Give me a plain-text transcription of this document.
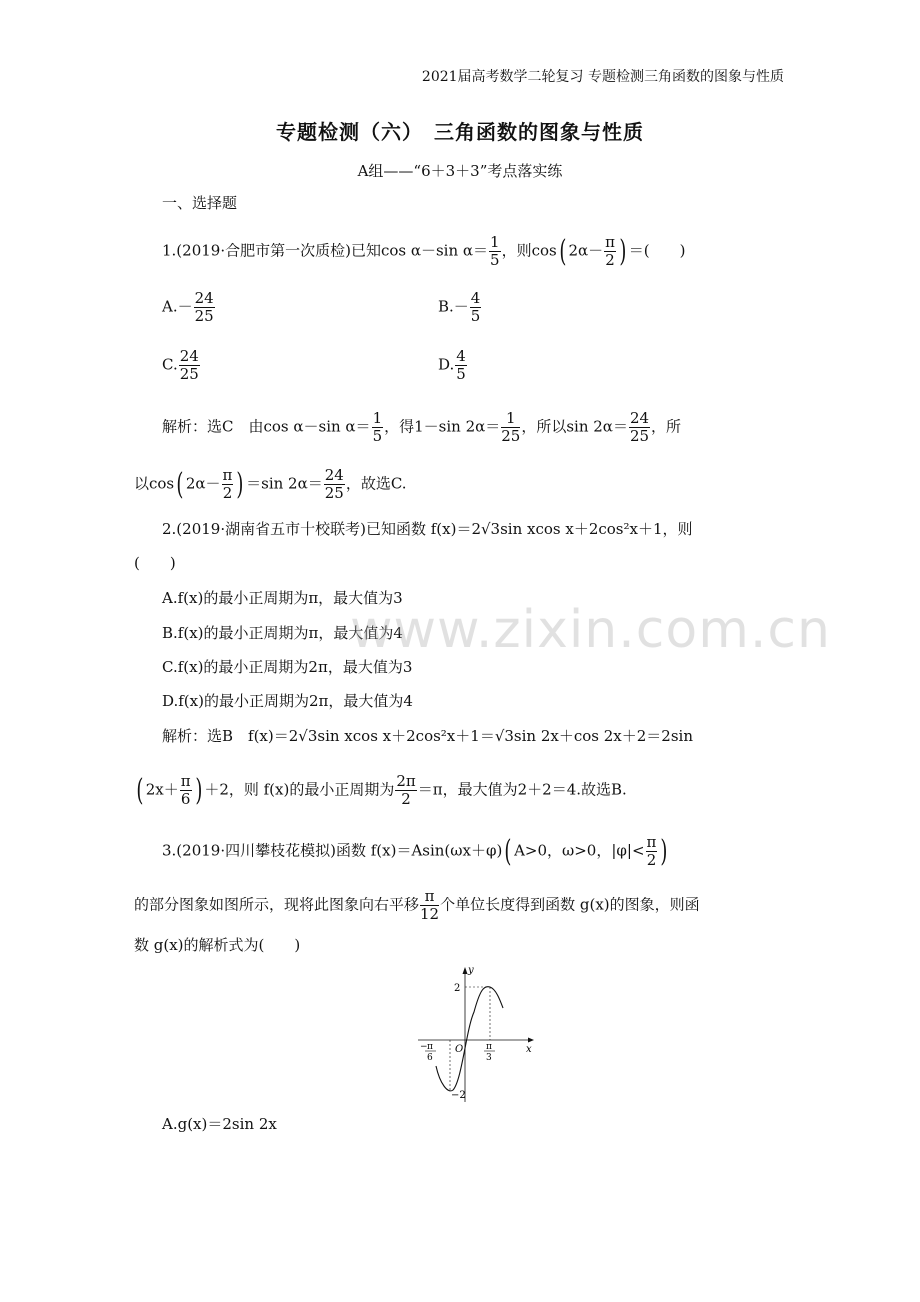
2021届高考数学二轮复习 专题检测三角函数的图象与性质
专题检测（六）　三角函数的图象与性质
A组——“6＋3＋3”考点落实练
一、选择题
1.(2019·合肥市第一次质检)已知cos α－sin $\alpha= \frac{1}{5}$ ，则cos( $2\alpha- \frac{\pi}{2}$ ) ＝(　　)
$A.- \frac{24}{25}$	$B.- \frac{4}{5}$
C. $\frac{24}{25}$	D. $\frac{4}{5}$
解析：选C　由cos α－sin $\alpha= \frac{1}{5}$ ，得1－sin $2\alpha= \frac{1}{25}$ ，所以$\sin 2\alpha= \frac{24}{25}$ ，所
以cos( $2\alpha- \frac{\pi}{2}$ ) ＝sin $2\alpha= \frac{24}{25}$ ，故选C.
2.(2019·湖南省五市十校联考)已知函数 f(x)＝2√3sin xcos x＋2cos²x＋1，则
(　　)
A.f(x)的最小正周期为π，最大值为3
B.f(x)的最小正周期为π，最大值为4
C.f(x)的最小正周期为2π，最大值为3
D.f(x)的最小正周期为2π，最大值为4
解析：选B　f(x)＝2√3sin xcos x＋2cos²x＋1＝√3sin 2x＋cos 2x＋2＝2sin
( $2x+ \frac{\pi}{6}$ ) ＋2，则 f(x)的最小正周期为 $\frac{2\pi}{2} =\pi$，最大值为2＋2＝4.故选B.
www.zixin.com.cn
3.(2019·四川攀枝花模拟)函数 f(x)＝Asin(ωx＋φ)( A>0，ω>0，$|\varphi|< \frac{\pi}{2}$ )
的部分图象如图所示，现将此图象向右平移 $\frac{\pi}{12}$ 个单位长度得到函数 g(x)的图象，则函
数 g(x)的解析式为(　　)
y
x
O
2
−2
− π
6
π
3
A.g(x)＝2sin 2x
